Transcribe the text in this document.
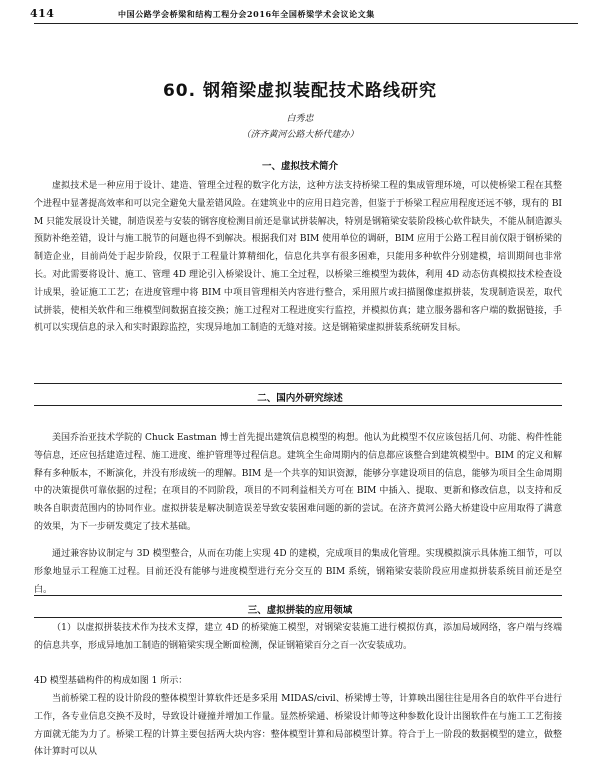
414	中国公路学会桥梁和结构工程分会2016年全国桥梁学术会议论文集
60. 钢箱梁虚拟装配技术路线研究
白秀忠
（济齐黄河公路大桥代建办）
一、虚拟技术简介

虚拟技术是一种应用于设计、建造、管理全过程的数字化方法，这种方法支持桥梁工程的集成管理环境，可以使桥梁工程在其整个进程中显著提高效率和可以完全避免大量差错风险。在建筑业中的应用日趋完善，但鉴于于桥梁工程应用程度还远不够，现有的 BIM 只能发展设计关键，制造误差与安装的钢容度检测目前还是靠试拼装解决，特别是钢箱梁安装阶段核心软件缺失，不能从制造源头预防补绝差错，设计与施工脱节的问题也得不到解决。根据我们对 BIM 使用单位的调研，BIM 应用于公路工程目前仅限于钢桥梁的制造企业，目前尚处于起步阶段，仅限于工程量计算精细化，信息化共享有很多困难，只能用多种软件分别建模，培训期间也非常长。对此需要将设计、施工、管理 4D 理论引入桥梁设计、施工全过程，以桥梁三维模型为载体，利用 4D 动态仿真模拟技术检查设计成果，验证施工工艺；在进度管理中将 BIM 中项目管理相关内容进行整合，采用照片或扫描图像虚拟拼装，发现制造误差，取代试拼装，使相关软件和三维模型间数据直接交换；施工过程对工程进度实行监控，并模拟仿真；建立服务器和客户端的数据链接，手机可以实现信息的录入和实时跟踪监控，实现异地加工制造的无缝对接。这是钢箱梁虚拟拼装系统研发目标。

二、国内外研究综述

美国乔治亚技术学院的 Chuck Eastman 博士首先提出建筑信息模型的构想。他认为此模型不仅应该包括几何、功能、构件性能等信息，还应包括建造过程、施工进度、维护管理等过程信息。建筑全生命周期内的信息都应该整合到建筑模型中。BIM 的定义和解释有多种版本，不断演化，并没有形成统一的理解。BIM 是一个共享的知识资源，能够分享建设项目的信息，能够为项目全生命周期中的决策提供可靠依据的过程；在项目的不同阶段，项目的不同利益相关方可在 BIM 中插入、提取、更新和修改信息，以支持和反映各自职责范围内的协同作业。虚拟拼装是解决制造误差导致安装困难问题的新的尝试。在济齐黄河公路大桥建设中应用取得了满意的效果，为下一步研发奠定了技术基础。

通过兼容协议制定与 3D 模型整合，从而在功能上实现 4D 的建模，完成项目的集成化管理。实现模拟演示具体施工细节，可以形象地显示工程施工过程。目前还没有能够与进度模型进行充分交互的 BIM 系统，钢箱梁安装阶段应用虚拟拼装系统目前还是空白。

三、虚拟拼装的应用领域

（1）以虚拟拼装技术作为技术支撑，建立 4D 的桥梁施工模型，对钢梁安装施工进行模拟仿真，添加局域网络，客户端与终端的信息共享，形成异地加工制造的钢箱梁实现全断面检测，保证钢箱梁百分之百一次安装成功。

4D 模型基础构件的构成如图 1 所示：

当前桥梁工程的设计阶段的整体模型计算软件还是多采用 MIDAS/civil、桥梁博士等，计算映出图往往是用各自的软件平台进行工作，各专业信息交换不及时，导致设计碰撞并增加工作量。显然桥梁通、桥梁设计师等这种参数化设计出图软件在与施工工艺衔接方面就无能为力了。桥梁工程的计算主要包括两大块内容：整体模型计算和局部模型计算。符合于上一阶段的数据模型的建立，做整体计算时可以从
